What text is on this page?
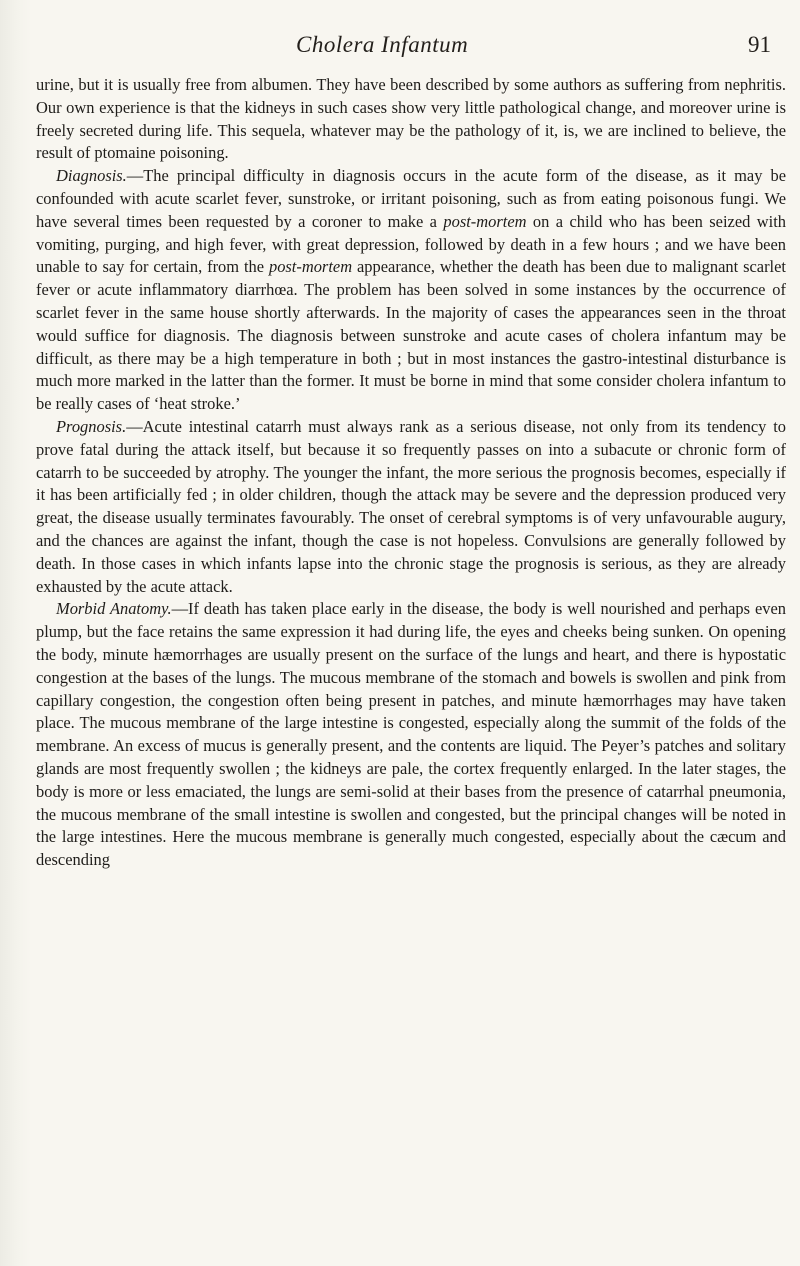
Cholera Infantum	91

urine, but it is usually free from albumen. They have been described by some authors as suffering from nephritis. Our own experience is that the kidneys in such cases show very little pathological change, and moreover urine is freely secreted during life. This sequela, whatever may be the pathology of it, is, we are inclined to believe, the result of ptomaine poisoning.

Diagnosis.—The principal difficulty in diagnosis occurs in the acute form of the disease, as it may be confounded with acute scarlet fever, sunstroke, or irritant poisoning, such as from eating poisonous fungi. We have several times been requested by a coroner to make a post-mortem on a child who has been seized with vomiting, purging, and high fever, with great depression, followed by death in a few hours ; and we have been unable to say for certain, from the post-mortem appearance, whether the death has been due to malignant scarlet fever or acute inflammatory diarrhœa. The problem has been solved in some instances by the occurrence of scarlet fever in the same house shortly afterwards. In the majority of cases the appearances seen in the throat would suffice for diagnosis. The diagnosis between sunstroke and acute cases of cholera infantum may be difficult, as there may be a high temperature in both ; but in most instances the gastro-intestinal disturbance is much more marked in the latter than the former. It must be borne in mind that some consider cholera infantum to be really cases of ‘heat stroke.’

Prognosis.—Acute intestinal catarrh must always rank as a serious disease, not only from its tendency to prove fatal during the attack itself, but because it so frequently passes on into a subacute or chronic form of catarrh to be succeeded by atrophy. The younger the infant, the more serious the prognosis becomes, especially if it has been artificially fed ; in older children, though the attack may be severe and the depression produced very great, the disease usually terminates favourably. The onset of cerebral symptoms is of very unfavourable augury, and the chances are against the infant, though the case is not hopeless. Convulsions are generally followed by death. In those cases in which infants lapse into the chronic stage the prognosis is serious, as they are already exhausted by the acute attack.

Morbid Anatomy.—If death has taken place early in the disease, the body is well nourished and perhaps even plump, but the face retains the same expression it had during life, the eyes and cheeks being sunken. On opening the body, minute hæmorrhages are usually present on the surface of the lungs and heart, and there is hypostatic congestion at the bases of the lungs. The mucous membrane of the stomach and bowels is swollen and pink from capillary congestion, the congestion often being present in patches, and minute hæmorrhages may have taken place. The mucous membrane of the large intestine is congested, especially along the summit of the folds of the membrane. An excess of mucus is generally present, and the contents are liquid. The Peyer’s patches and solitary glands are most frequently swollen ; the kidneys are pale, the cortex frequently enlarged. In the later stages, the body is more or less emaciated, the lungs are semi-solid at their bases from the presence of catarrhal pneumonia, the mucous membrane of the small intestine is swollen and congested, but the principal changes will be noted in the large intestines. Here the mucous membrane is generally much congested, especially about the cæcum and descending
